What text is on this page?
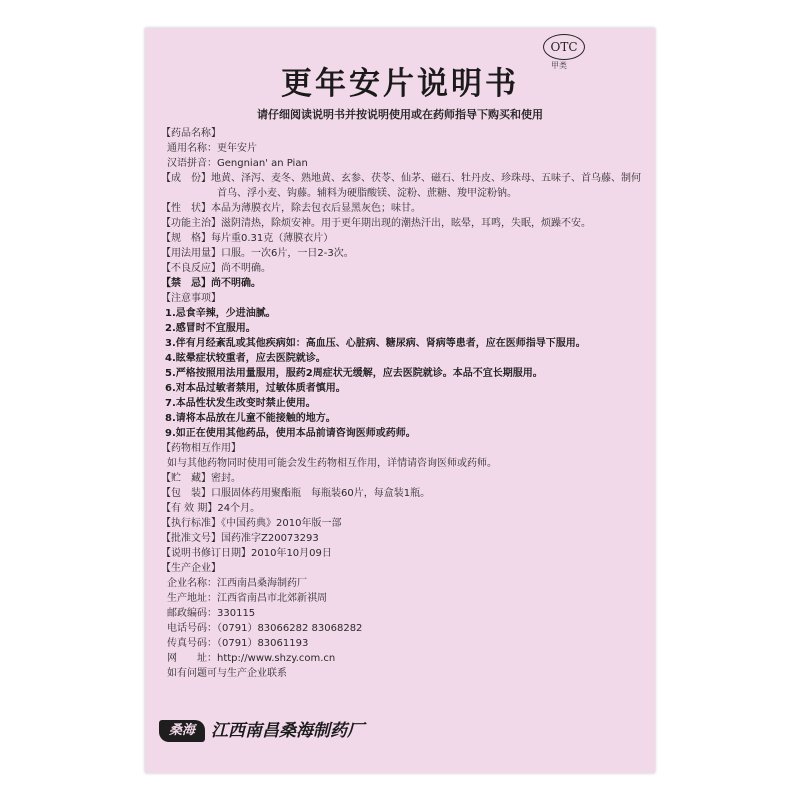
OTC
甲类
更年安片说明书
请仔细阅读说明书并按说明使用或在药师指导下购买和使用
【药品名称】
通用名称：更年安片
汉语拼音：Gengnian' an Pian
【成　份】地黄、泽泻、麦冬、熟地黄、玄参、茯苓、仙茅、磁石、牡丹皮、珍珠母、五味子、首乌藤、制何首乌、浮小麦、钩藤。辅料为硬脂酸镁、淀粉、蔗糖、羧甲淀粉钠。
【性　状】本品为薄膜衣片，除去包衣后显黑灰色；味甘。
【功能主治】滋阴清热，除烦安神。用于更年期出现的潮热汗出，眩晕，耳鸣，失眠，烦躁不安。
【规　格】每片重0.31克（薄膜衣片）
【用法用量】口服。一次6片，一日2-3次。
【不良反应】尚不明确。
【禁　忌】尚不明确。
【注意事项】
1.忌食辛辣，少进油腻。
2.感冒时不宜服用。
3.伴有月经紊乱或其他疾病如：高血压、心脏病、糖尿病、肾病等患者，应在医师指导下服用。
4.眩晕症状较重者，应去医院就诊。
5.严格按照用法用量服用，服药2周症状无缓解，应去医院就诊。本品不宜长期服用。
6.对本品过敏者禁用，过敏体质者慎用。
7.本品性状发生改变时禁止使用。
8.请将本品放在儿童不能接触的地方。
9.如正在使用其他药品，使用本品前请咨询医师或药师。
【药物相互作用】
如与其他药物同时使用可能会发生药物相互作用，详情请咨询医师或药师。
【贮　藏】密封。
【包　装】口服固体药用聚酯瓶　每瓶装60片，每盒装1瓶。
【有 效 期】24个月。
【执行标准】《中国药典》2010年版一部
【批准文号】国药准字Z20073293
【说明书修订日期】2010年10月09日
【生产企业】
企业名称：江西南昌桑海制药厂
生产地址：江西省南昌市北郊新祺周
邮政编码：330115
电话号码：（0791）83066282 83068282
传真号码：（0791）83061193
网　　址：http://www.shzy.com.cn
如有问题可与生产企业联系
桑海 江西南昌桑海制药厂
